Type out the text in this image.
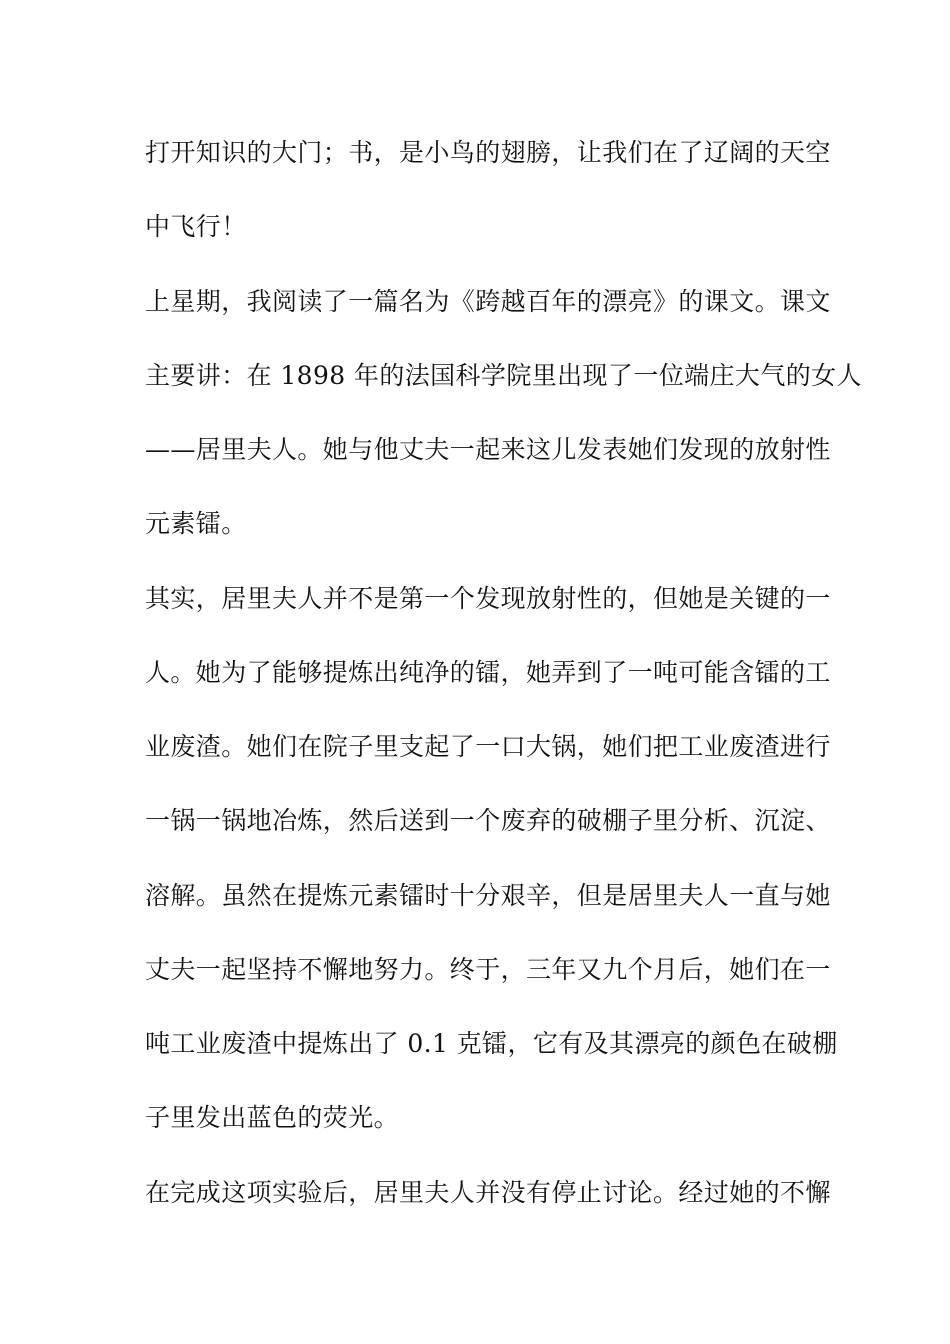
打开知识的大门；书，是小鸟的翅膀，让我们在了辽阔的天空
中飞行！
上星期，我阅读了一篇名为《跨越百年的漂亮》的课文。课文
主要讲：在 1898 年的法国科学院里出现了一位端庄大气的女人
——居里夫人。她与他丈夫一起来这儿发表她们发现的放射性
元素镭。
其实，居里夫人并不是第一个发现放射性的，但她是关键的一
人。她为了能够提炼出纯净的镭，她弄到了一吨可能含镭的工
业废渣。她们在院子里支起了一口大锅，她们把工业废渣进行
一锅一锅地冶炼，然后送到一个废弃的破棚子里分析、沉淀、
溶解。虽然在提炼元素镭时十分艰辛，但是居里夫人一直与她
丈夫一起坚持不懈地努力。终于，三年又九个月后，她们在一
吨工业废渣中提炼出了 0.1 克镭，它有及其漂亮的颜色在破棚
子里发出蓝色的荧光。
在完成这项实验后，居里夫人并没有停止讨论。经过她的不懈
